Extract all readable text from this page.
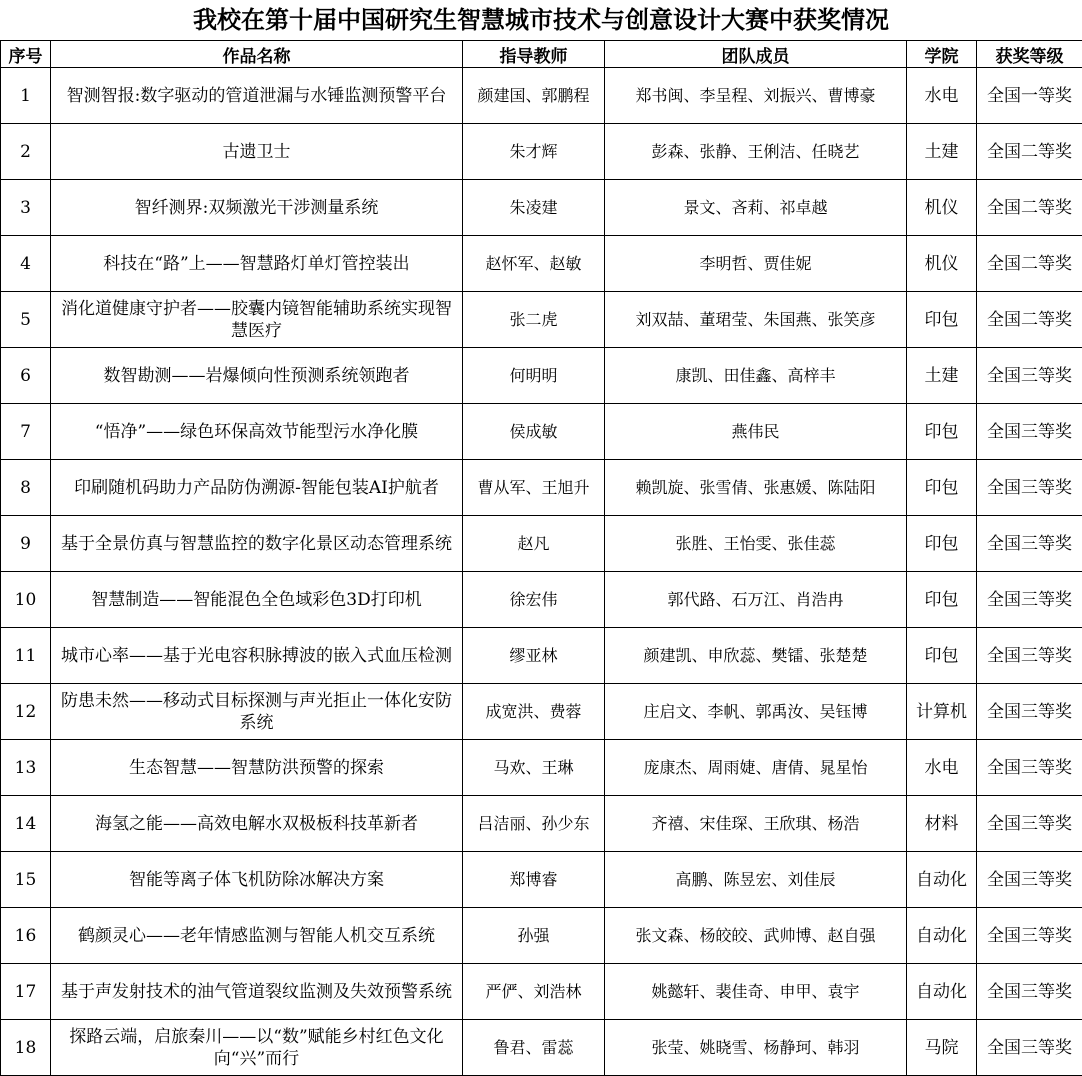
我校在第十届中国研究生智慧城市技术与创意设计大赛中获奖情况
序号	作品名称	指导教师	团队成员	学院	获奖等级
1	智测智报:数字驱动的管道泄漏与水锤监测预警平台	颜建国、郭鹏程	郑书闽、李呈程、刘振兴、曹博豪	水电	全国一等奖
2	古遗卫士	朱才辉	彭森、张静、王俐洁、任晓艺	土建	全国二等奖
3	智纤测界:双频激光干涉测量系统	朱凌建	景文、吝莉、祁卓越	机仪	全国二等奖
4	科技在“路”上——智慧路灯单灯管控装出	赵怀军、赵敏	李明哲、贾佳妮	机仪	全国二等奖
5	消化道健康守护者——胶囊内镜智能辅助系统实现智慧医疗	张二虎	刘双喆、董珺莹、朱国燕、张笑彦	印包	全国二等奖
6	数智勘测——岩爆倾向性预测系统领跑者	何明明	康凯、田佳鑫、高梓丰	土建	全国三等奖
7	“悟净”——绿色环保高效节能型污水净化膜	侯成敏	燕伟民	印包	全国三等奖
8	印刷随机码助力产品防伪溯源-智能包装AI护航者	曹从军、王旭升	赖凯旋、张雪倩、张惠媛、陈陆阳	印包	全国三等奖
9	基于全景仿真与智慧监控的数字化景区动态管理系统	赵凡	张胜、王怡雯、张佳蕊	印包	全国三等奖
10	智慧制造——智能混色全色域彩色3D打印机	徐宏伟	郭代路、石万江、肖浩冉	印包	全国三等奖
11	城市心率——基于光电容积脉搏波的嵌入式血压检测	缪亚林	颜建凯、申欣蕊、樊镭、张楚楚	印包	全国三等奖
12	防患未然——移动式目标探测与声光拒止一体化安防系统	成宽洪、费蓉	庄启文、李帆、郭禹汝、吴钰博	计算机	全国三等奖
13	生态智慧——智慧防洪预警的探索	马欢、王琳	庞康杰、周雨婕、唐倩、晁星怡	水电	全国三等奖
14	海氢之能——高效电解水双极板科技革新者	吕洁丽、孙少东	齐禧、宋佳琛、王欣琪、杨浩	材料	全国三等奖
15	智能等离子体飞机防除冰解决方案	郑博睿	高鹏、陈昱宏、刘佳辰	自动化	全国三等奖
16	鹤颜灵心——老年情感监测与智能人机交互系统	孙强	张文森、杨皎皎、武帅博、赵自强	自动化	全国三等奖
17	基于声发射技术的油气管道裂纹监测及失效预警系统	严俨、刘浩林	姚懿轩、裴佳奇、申甲、袁宇	自动化	全国三等奖
18	探路云端，启旅秦川——以“数”赋能乡村红色文化向“兴”而行	鲁君、雷蕊	张莹、姚晓雪、杨静珂、韩羽	马院	全国三等奖
